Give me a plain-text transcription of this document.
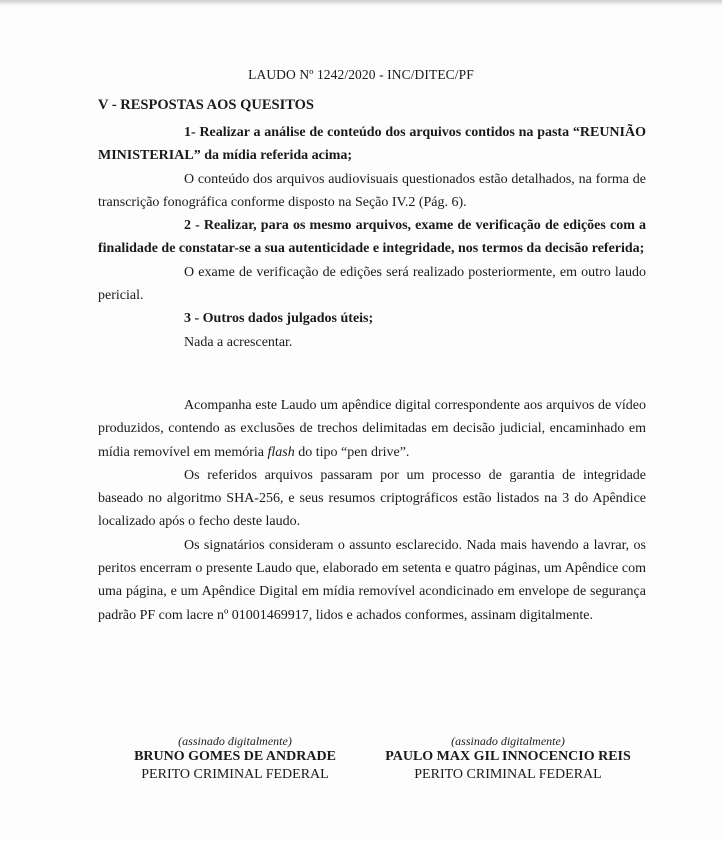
LAUDO Nº 1242/2020 - INC/DITEC/PF
V - RESPOSTAS AOS QUESITOS

1- Realizar a análise de conteúdo dos arquivos contidos na pasta “REUNIÃO MINISTERIAL” da mídia referida acima;

O conteúdo dos arquivos audiovisuais questionados estão detalhados, na forma de transcrição fonográfica conforme disposto na Seção IV.2 (Pág. 6).

2 - Realizar, para os mesmo arquivos, exame de verificação de edições com a finalidade de constatar-se a sua autenticidade e integridade, nos termos da decisão referida;

O exame de verificação de edições será realizado posteriormente, em outro laudo pericial.

3 - Outros dados julgados úteis;

Nada a acrescentar.

Acompanha este Laudo um apêndice digital correspondente aos arquivos de vídeo produzidos, contendo as exclusões de trechos delimitadas em decisão judicial, encaminhado em mídia removível em memória flash do tipo “pen drive”.

Os referidos arquivos passaram por um processo de garantia de integridade baseado no algoritmo SHA-256, e seus resumos criptográficos estão listados na 3 do Apêndice localizado após o fecho deste laudo.

Os signatários consideram o assunto esclarecido. Nada mais havendo a lavrar, os peritos encerram o presente Laudo que, elaborado em setenta e quatro páginas, um Apêndice com uma página, e um Apêndice Digital em mídia removível acondicinado em envelope de segurança padrão PF com lacre nº 01001469917, lidos e achados conformes, assinam digitalmente.

(assinado digitalmente)
BRUNO GOMES DE ANDRADE
PERITO CRIMINAL FEDERAL
(assinado digitalmente)
PAULO MAX GIL INNOCENCIO REIS
PERITO CRIMINAL FEDERAL
